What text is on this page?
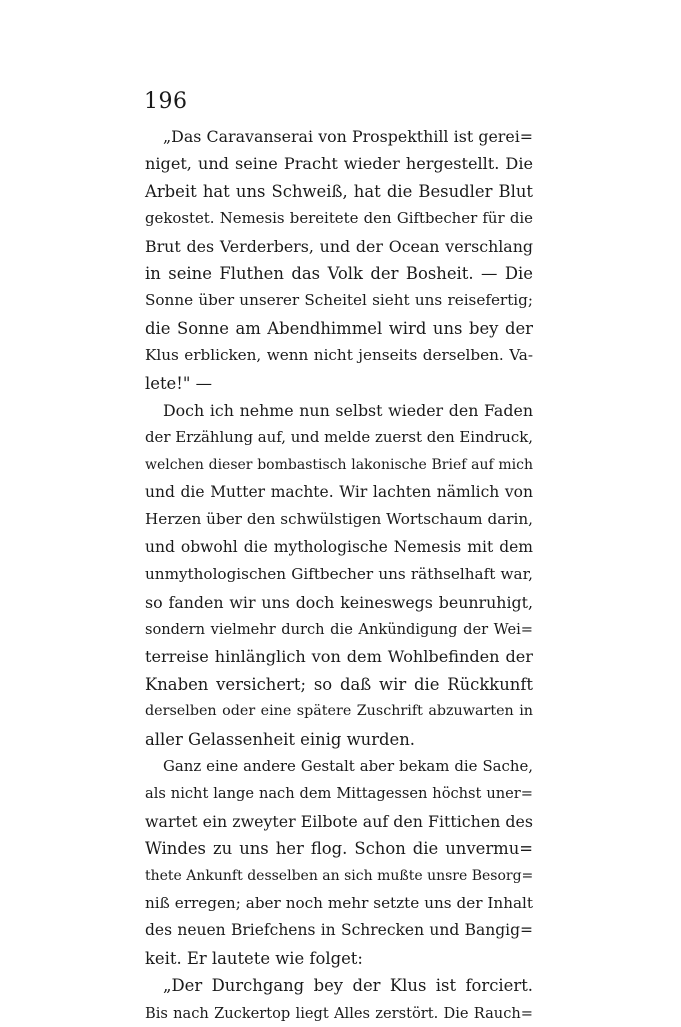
196
„Das Caravanserai von Prospekthill ist gerei=
niget, und seine Pracht wieder hergestellt. Die
Arbeit hat uns Schweiß, hat die Besudler Blut
gekostet. Nemesis bereitete den Giftbecher für die
Brut des Verderbers, und der Ocean verschlang
in seine Fluthen das Volk der Bosheit. — Die
Sonne über unserer Scheitel sieht uns reisefertig;
die Sonne am Abendhimmel wird uns bey der
Klus erblicken, wenn nicht jenseits derselben. Va-
lete!" —
Doch ich nehme nun selbst wieder den Faden
der Erzählung auf, und melde zuerst den Eindruck,
welchen dieser bombastisch lakonische Brief auf mich
und die Mutter machte. Wir lachten nämlich von
Herzen über den schwülstigen Wortschaum darin,
und obwohl die mythologische Nemesis mit dem
unmythologischen Giftbecher uns räthselhaft war,
so fanden wir uns doch keineswegs beunruhigt,
sondern vielmehr durch die Ankündigung der Wei=
terreise hinlänglich von dem Wohlbefinden der
Knaben versichert; so daß wir die Rückkunft
derselben oder eine spätere Zuschrift abzuwarten in
aller Gelassenheit einig wurden.
Ganz eine andere Gestalt aber bekam die Sache,
als nicht lange nach dem Mittagessen höchst uner=
wartet ein zweyter Eilbote auf den Fittichen des
Windes zu uns her flog. Schon die unvermu=
thete Ankunft desselben an sich mußte unsre Besorg=
niß erregen; aber noch mehr setzte uns der Inhalt
des neuen Briefchens in Schrecken und Bangig=
keit. Er lautete wie folget:
„Der Durchgang bey der Klus ist forciert.
Bis nach Zuckertop liegt Alles zerstört. Die Rauch=
